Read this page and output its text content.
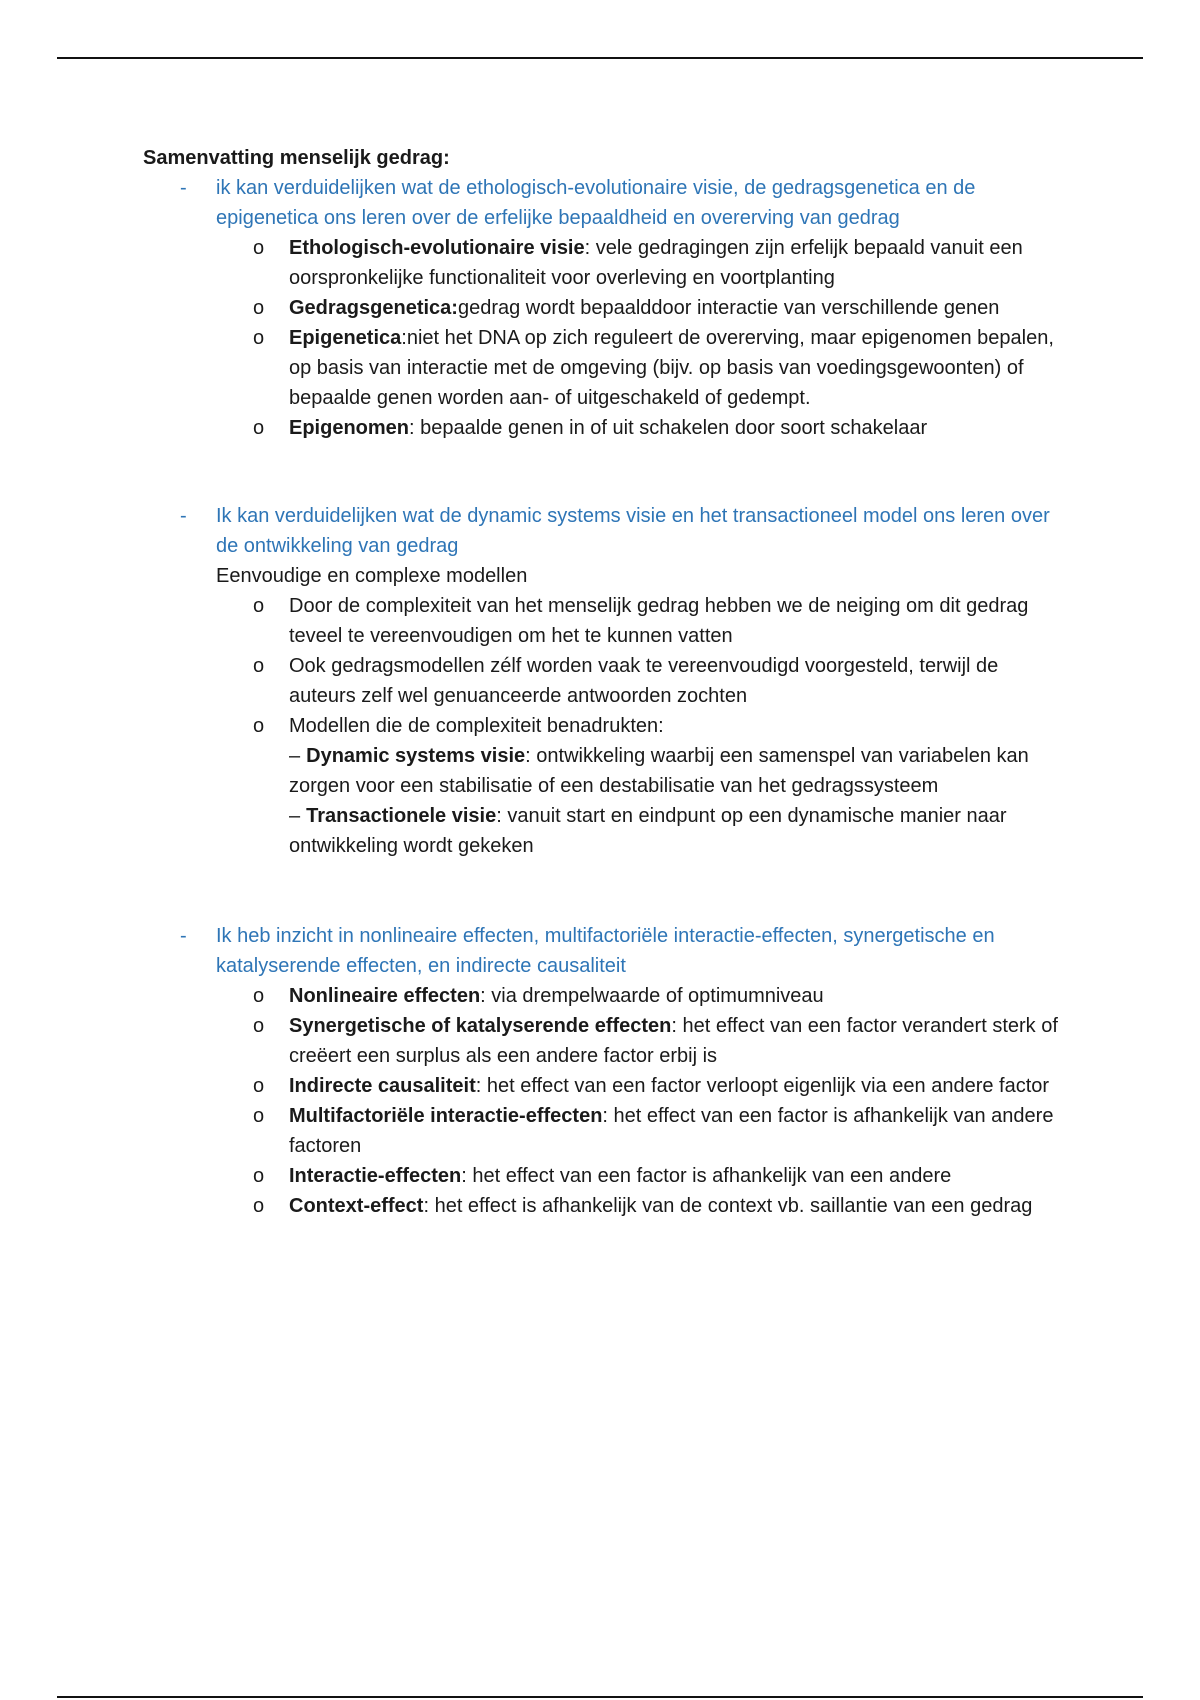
Samenvatting menselijk gedrag:

- ik kan verduidelijken wat de ethologisch-evolutionaire visie, de gedragsgenetica en de epigenetica ons leren over de erfelijke bepaaldheid en overerving van gedrag
o Ethologisch-evolutionaire visie: vele gedragingen zijn erfelijk bepaald vanuit een oorspronkelijke functionaliteit voor overleving en voortplanting
o Gedragsgenetica:gedrag wordt bepaalddoor interactie van verschillende genen
o Epigenetica:niet het DNA op zich reguleert de overerving, maar epigenomen bepalen, op basis van interactie met de omgeving (bijv. op basis van voedingsgewoonten) of bepaalde genen worden aan- of uitgeschakeld of gedempt.
o Epigenomen: bepaalde genen in of uit schakelen door soort schakelaar
- Ik kan verduidelijken wat de dynamic systems visie en het transactioneel model ons leren over de ontwikkeling van gedrag
Eenvoudige en complexe modellen
o Door de complexiteit van het menselijk gedrag hebben we de neiging om dit gedrag teveel te vereenvoudigen om het te kunnen vatten
o Ook gedragsmodellen zélf worden vaak te vereenvoudigd voorgesteld, terwijl de auteurs zelf wel genuanceerde antwoorden zochten
o Modellen die de complexiteit benadrukten:
– Dynamic systems visie: ontwikkeling waarbij een samenspel van variabelen kan zorgen voor een stabilisatie of een destabilisatie van het gedragssysteem
– Transactionele visie: vanuit start en eindpunt op een dynamische manier naar ontwikkeling wordt gekeken
- Ik heb inzicht in nonlineaire effecten, multifactoriële interactie-effecten, synergetische en katalyserende effecten, en indirecte causaliteit
o Nonlineaire effecten: via drempelwaarde of optimumniveau
o Synergetische of katalyserende effecten: het effect van een factor verandert sterk of creëert een surplus als een andere factor erbij is
o Indirecte causaliteit: het effect van een factor verloopt eigenlijk via een andere factor
o Multifactoriële interactie-effecten: het effect van een factor is afhankelijk van andere factoren
o Interactie-effecten: het effect van een factor is afhankelijk van een andere
o Context-effect: het effect is afhankelijk van de context vb. saillantie van een gedrag
